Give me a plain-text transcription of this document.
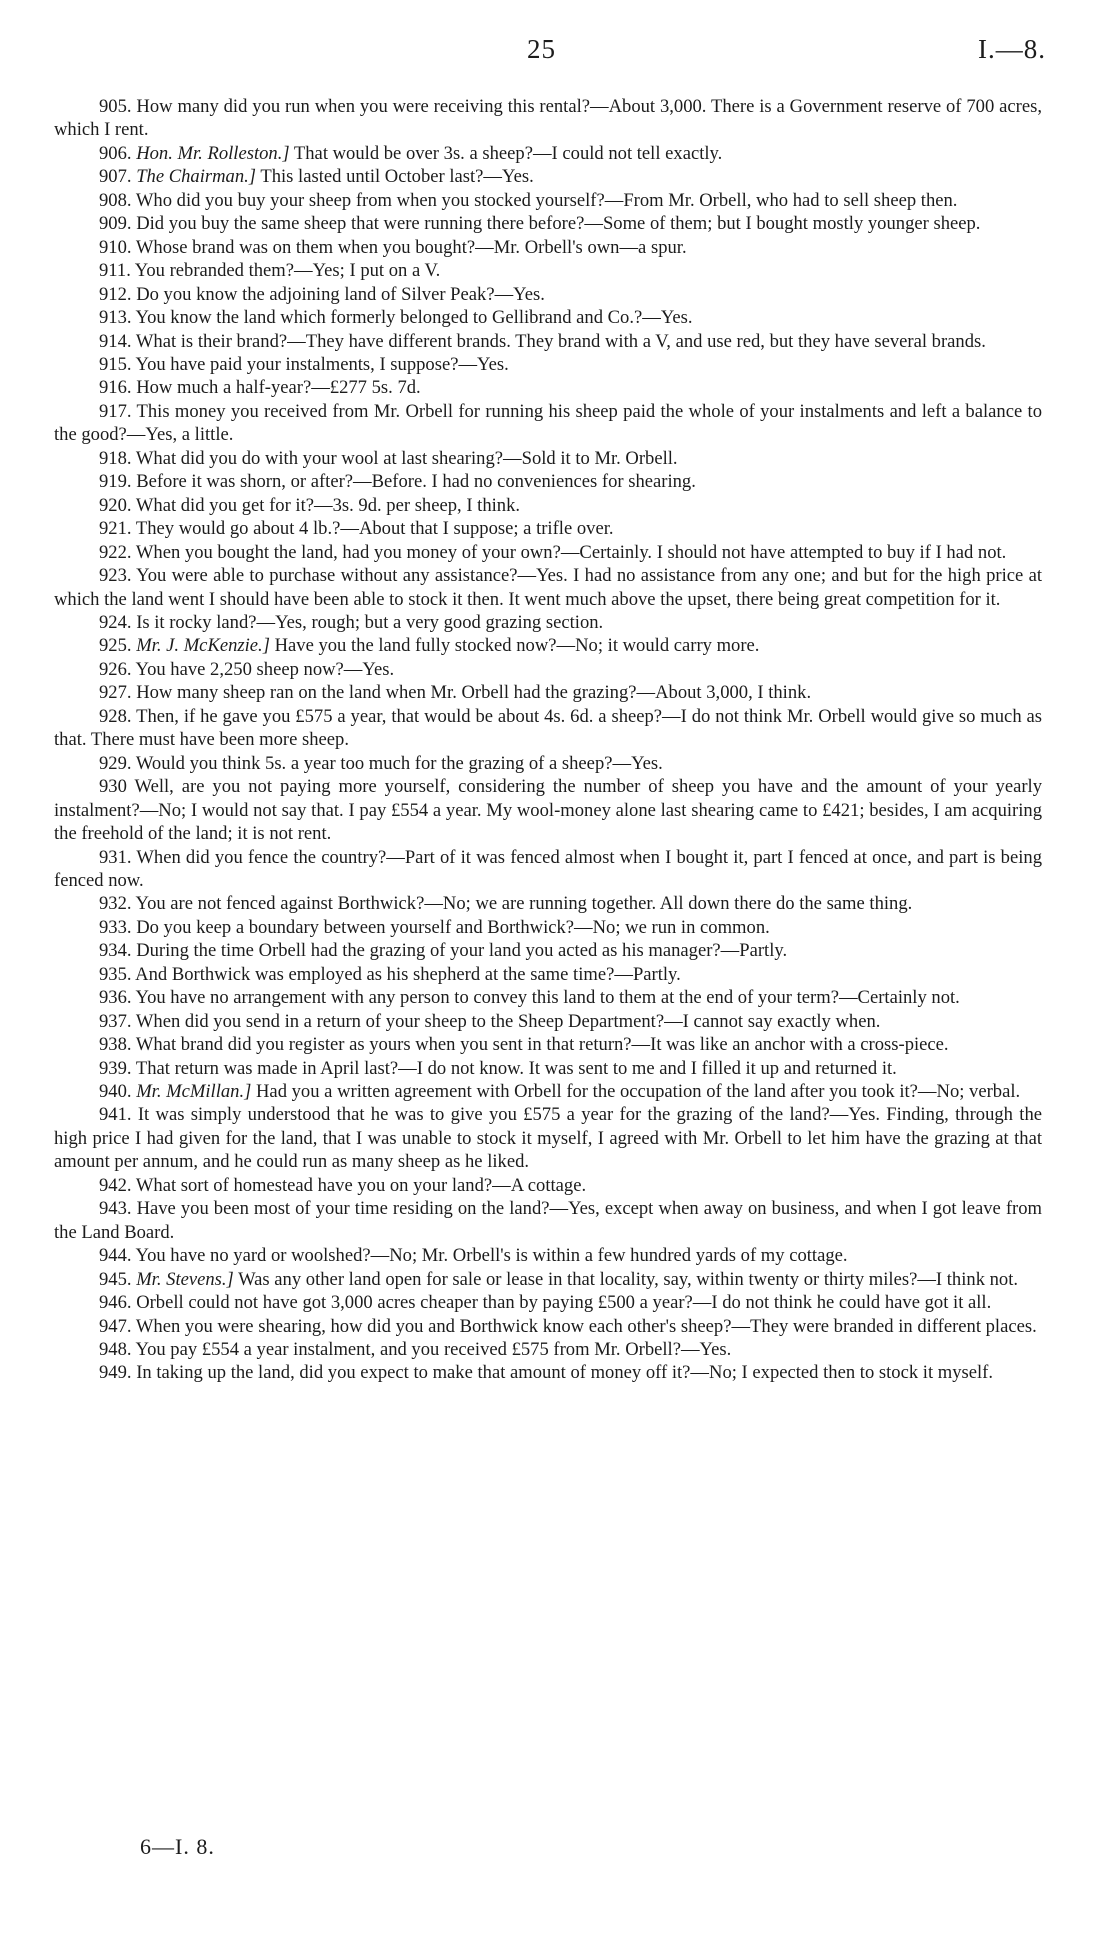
25	I.—8.

905. How many did you run when you were receiving this rental?—About 3,000. There is a Government reserve of 700 acres, which I rent.

906. Hon. Mr. Rolleston.] That would be over 3s. a sheep?—I could not tell exactly.

907. The Chairman.] This lasted until October last?—Yes.

908. Who did you buy your sheep from when you stocked yourself?—From Mr. Orbell, who had to sell sheep then.

909. Did you buy the same sheep that were running there before?—Some of them; but I bought mostly younger sheep.

910. Whose brand was on them when you bought?—Mr. Orbell's own—a spur.

911. You rebranded them?—Yes; I put on a V.

912. Do you know the adjoining land of Silver Peak?—Yes.

913. You know the land which formerly belonged to Gellibrand and Co.?—Yes.

914. What is their brand?—They have different brands. They brand with a V, and use red, but they have several brands.

915. You have paid your instalments, I suppose?—Yes.

916. How much a half-year?—£277 5s. 7d.

917. This money you received from Mr. Orbell for running his sheep paid the whole of your instalments and left a balance to the good?—Yes, a little.

918. What did you do with your wool at last shearing?—Sold it to Mr. Orbell.

919. Before it was shorn, or after?—Before. I had no conveniences for shearing.

920. What did you get for it?—3s. 9d. per sheep, I think.

921. They would go about 4 lb.?—About that I suppose; a trifle over.

922. When you bought the land, had you money of your own?—Certainly. I should not have attempted to buy if I had not.

923. You were able to purchase without any assistance?—Yes. I had no assistance from any one; and but for the high price at which the land went I should have been able to stock it then. It went much above the upset, there being great competition for it.

924. Is it rocky land?—Yes, rough; but a very good grazing section.

925. Mr. J. McKenzie.] Have you the land fully stocked now?—No; it would carry more.

926. You have 2,250 sheep now?—Yes.

927. How many sheep ran on the land when Mr. Orbell had the grazing?—About 3,000, I think.

928. Then, if he gave you £575 a year, that would be about 4s. 6d. a sheep?—I do not think Mr. Orbell would give so much as that. There must have been more sheep.

929. Would you think 5s. a year too much for the grazing of a sheep?—Yes.

930 Well, are you not paying more yourself, considering the number of sheep you have and the amount of your yearly instalment?—No; I would not say that. I pay £554 a year. My wool-money alone last shearing came to £421; besides, I am acquiring the freehold of the land; it is not rent.

931. When did you fence the country?—Part of it was fenced almost when I bought it, part I fenced at once, and part is being fenced now.

932. You are not fenced against Borthwick?—No; we are running together. All down there do the same thing.

933. Do you keep a boundary between yourself and Borthwick?—No; we run in common.

934. During the time Orbell had the grazing of your land you acted as his manager?—Partly.

935. And Borthwick was employed as his shepherd at the same time?—Partly.

936. You have no arrangement with any person to convey this land to them at the end of your term?—Certainly not.

937. When did you send in a return of your sheep to the Sheep Department?—I cannot say exactly when.

938. What brand did you register as yours when you sent in that return?—It was like an anchor with a cross-piece.

939. That return was made in April last?—I do not know. It was sent to me and I filled it up and returned it.

940. Mr. McMillan.] Had you a written agreement with Orbell for the occupation of the land after you took it?—No; verbal.

941. It was simply understood that he was to give you £575 a year for the grazing of the land?—Yes. Finding, through the high price I had given for the land, that I was unable to stock it myself, I agreed with Mr. Orbell to let him have the grazing at that amount per annum, and he could run as many sheep as he liked.

942. What sort of homestead have you on your land?—A cottage.

943. Have you been most of your time residing on the land?—Yes, except when away on business, and when I got leave from the Land Board.

944. You have no yard or woolshed?—No; Mr. Orbell's is within a few hundred yards of my cottage.

945. Mr. Stevens.] Was any other land open for sale or lease in that locality, say, within twenty or thirty miles?—I think not.

946. Orbell could not have got 3,000 acres cheaper than by paying £500 a year?—I do not think he could have got it all.

947. When you were shearing, how did you and Borthwick know each other's sheep?—They were branded in different places.

948. You pay £554 a year instalment, and you received £575 from Mr. Orbell?—Yes.

949. In taking up the land, did you expect to make that amount of money off it?—No; I expected then to stock it myself.

6—I. 8.
